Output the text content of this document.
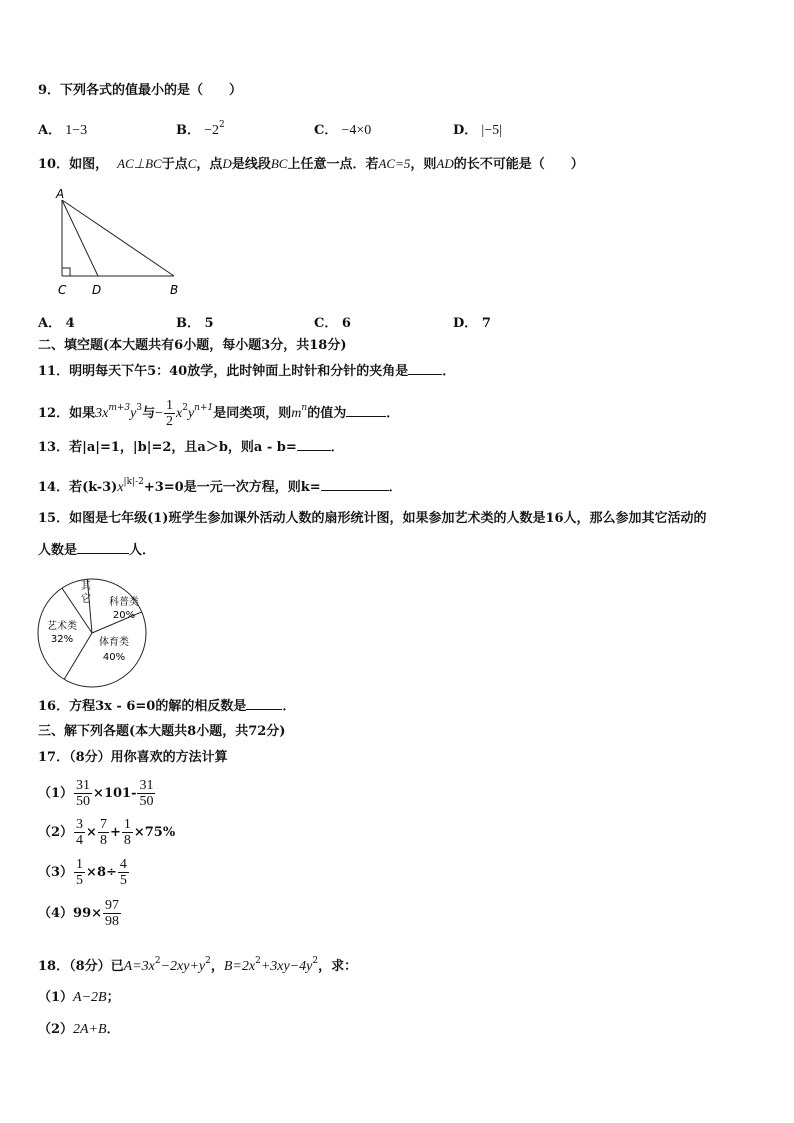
9．下列各式的值最小的是（　　）
A． 1−3	B． $-2^2$	C． −4×0	D． |−5|
10．如图， AC⊥BC于点C，点D是线段BC上任意一点．若AC=5，则AD的长不可能是（　　）
A
C D	B
A． 4	B． 5	C． 6	D． 7
二、填空题(本大题共有6小题，每小题3分，共18分)
11．明明每天下午5：40放学，此时钟面上时针和分针的夹角是	．
12．如果$3x^{m+3}y^3$与− $\frac{1}{2} x^2y^{n+1}$是同类项，则$m^n$的值为	．
13．若|a|=1，|b|=2，且a＞b，则a - b=	．
14．若$(k-3)x^{|k|-2}+3=0$是一元一次方程，则k=	．
15．如图是七年级(1)班学生参加课外活动人数的扇形统计图，如果参加艺术类的人数是16人，那么参加其它活动的
人数是	人．
科普类
20%
体育类
40%
艺术类
32%
其
它
16．方程3x - 6=0的解的相反数是	．
三、解下列各题(本大题共8小题，共72分)
17．（8分）用你喜欢的方法计算
$(1) \frac{31}{50} \times 101- \frac{31}{50}$
$(2) \frac{3}{4} \times \frac{7}{8} + \frac{1}{8} \times 75\%$
$(3) \frac{1}{5} \times 8\div \frac{4}{5}$
$(4)99\times \frac{97}{98}$
18．（8分）已$A=3x^2-2xy+y^2$，$B=2x^2+3xy-4y^2$，求：
（1）A−2B；
（2）2A+B．
